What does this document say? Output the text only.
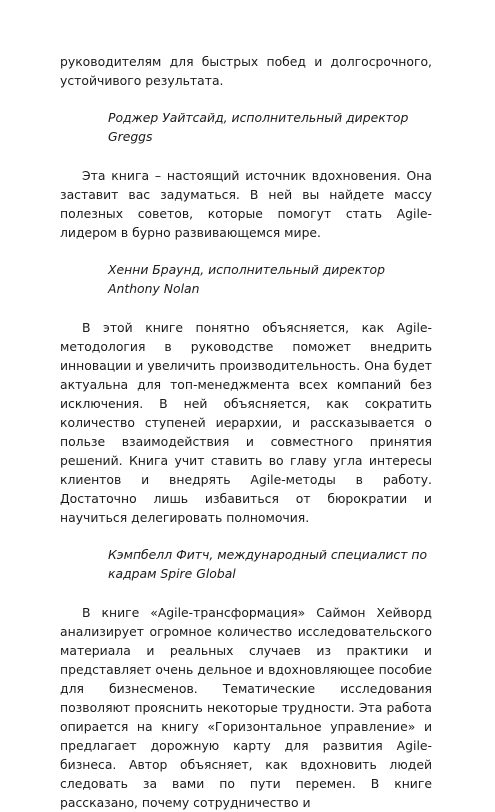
руководителям для быстрых побед и долгосрочного, устойчивого результата.

Роджер Уайтсайд, исполнительный директор Greggs

Эта книга – настоящий источник вдохновения. Она заставит вас задуматься. В ней вы найдете массу полезных советов, которые помогут стать Agile-лидером в бурно развивающемся мире.

Хенни Браунд, исполнительный директор Anthony Nolan

В этой книге понятно объясняется, как Agile-методология в руководстве поможет внедрить инновации и увеличить производительность. Она будет актуальна для топ-менеджмента всех компаний без исключения. В ней объясняется, как сократить количество ступеней иерархии, и рассказывается о пользе взаимодействия и совместного принятия решений. Книга учит ставить во главу угла интересы клиентов и внедрять Agile-методы в работу. Достаточно лишь избавиться от бюрократии и научиться делегировать полномочия.

Кэмпбелл Фитч, международный специалист по кадрам Spire Global

В книге «Agile-трансформация» Саймон Хейворд анализирует огромное количество исследовательского материала и реальных случаев из практики и представляет очень дельное и вдохновляющее пособие для бизнесменов. Тематические исследования позволяют прояснить некоторые трудности. Эта работа опирается на книгу «Горизонтальное управление» и предлагает дорожную карту для развития Agile-бизнеса. Автор объясняет, как вдохновить людей следовать за вами по пути перемен. В книге рассказано, почему сотрудничество и
